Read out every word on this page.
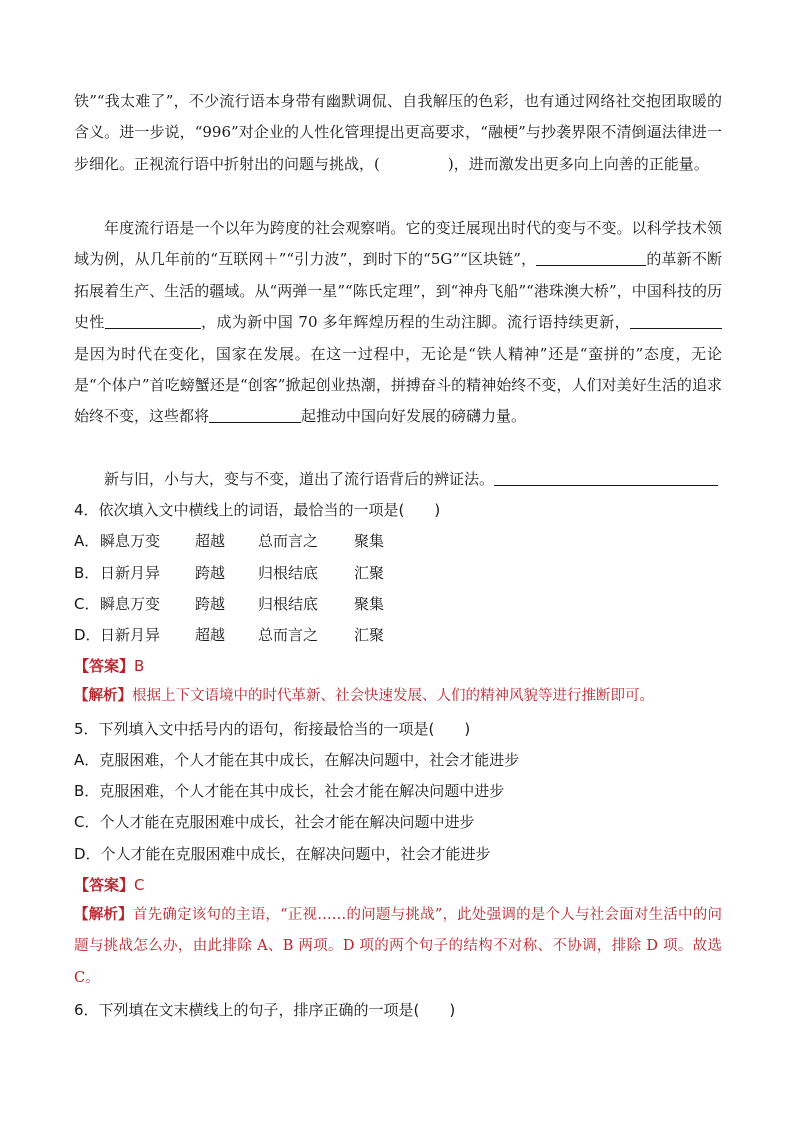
铁”“我太难了”，不少流行语本身带有幽默调侃、自我解压的色彩，也有通过网络社交抱团取暖的含义。进一步说，“996”对企业的人性化管理提出更高要求，“融梗”与抄袭界限不清倒逼法律进一步细化。正视流行语中折射出的问题与挑战，(	)，进而激发出更多向上向善的正能量。

年度流行语是一个以年为跨度的社会观察哨。它的变迁展现出时代的变与不变。以科学技术领域为例，从几年前的“互联网＋”“引力波”，到时下的“5G”“区块链”，	的革新不断拓展着生产、生活的疆域。从“两弹一星”“陈氏定理”，到“神舟飞船”“港珠澳大桥”，中国科技的历史性	，成为新中国 70 多年辉煌历程的生动注脚。流行语持续更新，是因为时代在变化，国家在发展。在这一过程中，无论是“铁人精神”还是“蛮拼的”态度，无论是“个体户”首吃螃蟹还是“创客”掀起创业热潮，拼搏奋斗的精神始终不变，人们对美好生活的追求始终不变，这些都将	起推动中国向好发展的磅礴力量。

新与旧，小与大，变与不变，道出了流行语背后的辨证法。

4．依次填入文中横线上的词语，最恰当的一项是(　　)
A．瞬息万变 超越 总而言之 聚集
B．日新月异 跨越 归根结底 汇聚
C．瞬息万变 跨越 归根结底 聚集
D．日新月异 超越 总而言之 汇聚
【答案】B

【解析】根据上下文语境中的时代革新、社会快速发展、人们的精神风貌等进行推断即可。

5．下列填入文中括号内的语句，衔接最恰当的一项是(　　)
A．克服困难，个人才能在其中成长，在解决问题中，社会才能进步
B．克服困难，个人才能在其中成长，社会才能在解决问题中进步
C．个人才能在克服困难中成长，社会才能在解决问题中进步
D．个人才能在克服困难中成长，在解决问题中，社会才能进步
【答案】C

【解析】首先确定该句的主语，“正视……的问题与挑战”，此处强调的是个人与社会面对生活中的问题与挑战怎么办，由此排除 A、B 两项。D 项的两个句子的结构不对称、不协调，排除 D 项。故选 C。

6．下列填在文末横线上的句子，排序正确的一项是(　　)
